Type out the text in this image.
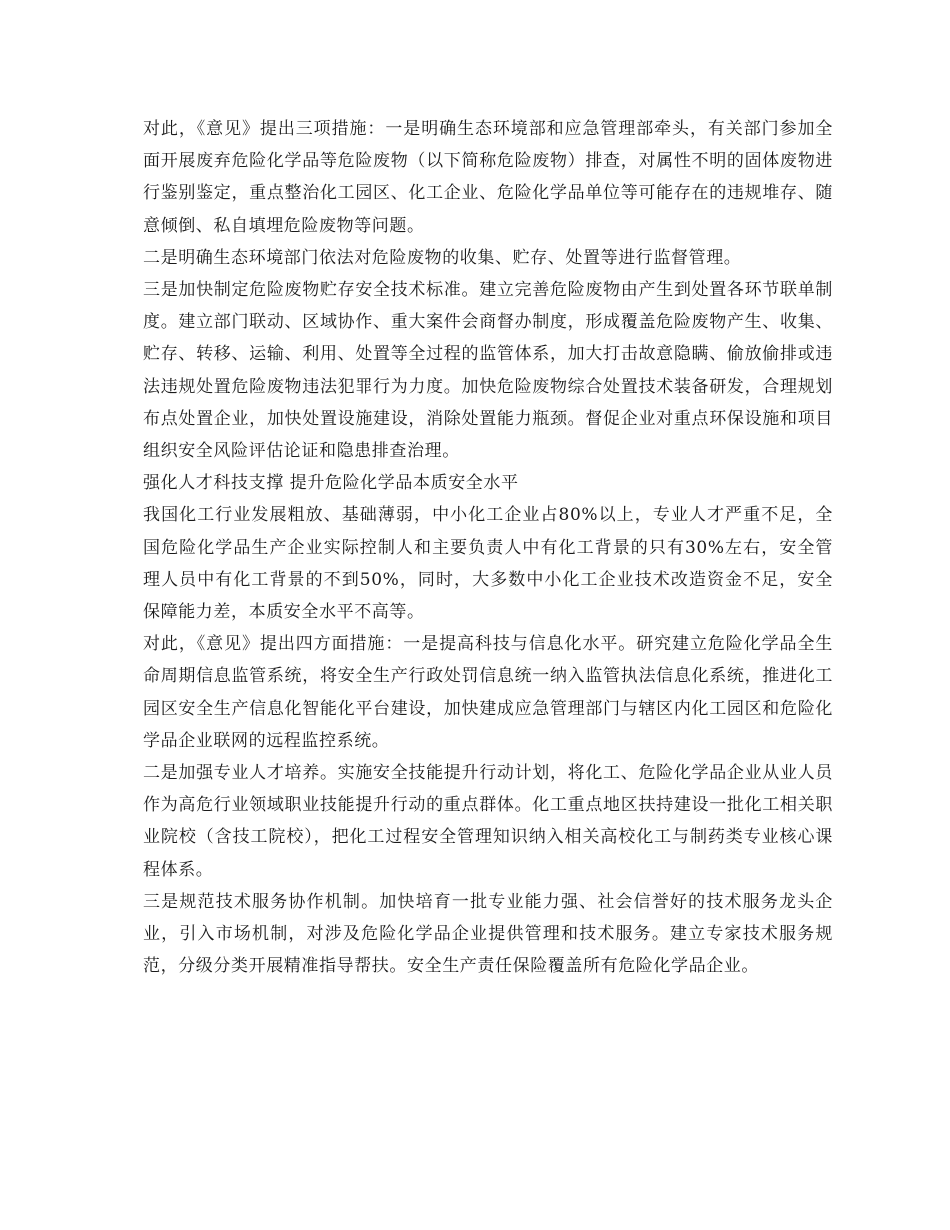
对此，《意见》提出三项措施：一是明确生态环境部和应急管理部牵头，有关部门参加全面开展废弃危险化学品等危险废物（以下简称危险废物）排查，对属性不明的固体废物进行鉴别鉴定，重点整治化工园区、化工企业、危险化学品单位等可能存在的违规堆存、随意倾倒、私自填埋危险废物等问题。

二是明确生态环境部门依法对危险废物的收集、贮存、处置等进行监督管理。

三是加快制定危险废物贮存安全技术标准。建立完善危险废物由产生到处置各环节联单制度。建立部门联动、区域协作、重大案件会商督办制度，形成覆盖危险废物产生、收集、贮存、转移、运输、利用、处置等全过程的监管体系，加大打击故意隐瞒、偷放偷排或违法违规处置危险废物违法犯罪行为力度。加快危险废物综合处置技术装备研发，合理规划布点处置企业，加快处置设施建设，消除处置能力瓶颈。督促企业对重点环保设施和项目组织安全风险评估论证和隐患排查治理。

强化人才科技支撑 提升危险化学品本质安全水平

我国化工行业发展粗放、基础薄弱，中小化工企业占80%以上，专业人才严重不足，全国危险化学品生产企业实际控制人和主要负责人中有化工背景的只有30%左右，安全管理人员中有化工背景的不到50%，同时，大多数中小化工企业技术改造资金不足，安全保障能力差，本质安全水平不高等。

对此，《意见》提出四方面措施：一是提高科技与信息化水平。研究建立危险化学品全生命周期信息监管系统，将安全生产行政处罚信息统一纳入监管执法信息化系统，推进化工园区安全生产信息化智能化平台建设，加快建成应急管理部门与辖区内化工园区和危险化学品企业联网的远程监控系统。

二是加强专业人才培养。实施安全技能提升行动计划，将化工、危险化学品企业从业人员作为高危行业领域职业技能提升行动的重点群体。化工重点地区扶持建设一批化工相关职业院校（含技工院校），把化工过程安全管理知识纳入相关高校化工与制药类专业核心课程体系。

三是规范技术服务协作机制。加快培育一批专业能力强、社会信誉好的技术服务龙头企业，引入市场机制，对涉及危险化学品企业提供管理和技术服务。建立专家技术服务规范，分级分类开展精准指导帮扶。安全生产责任保险覆盖所有危险化学品企业。
